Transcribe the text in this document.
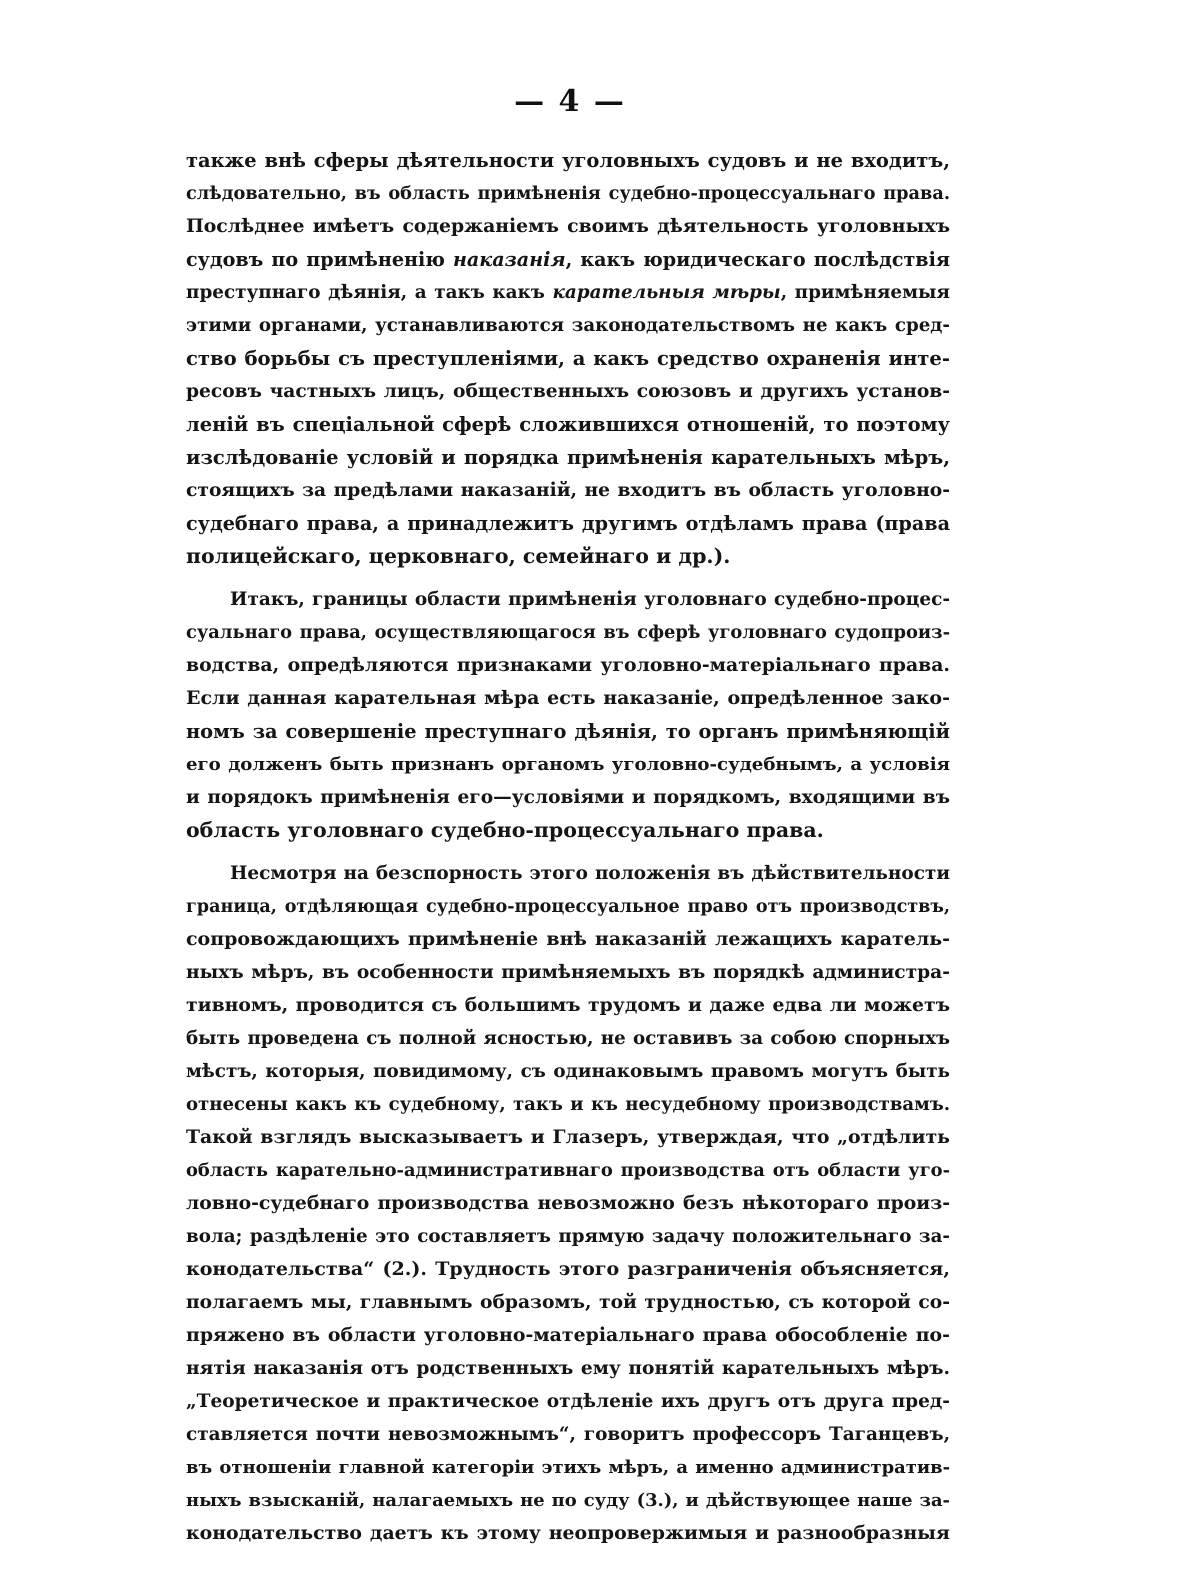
— 4 —
также внѣ сферы дѣятельности уголовныхъ судовъ и не входитъ,
слѣдовательно, въ область примѣненія судебно-процессуальнаго права.
Послѣднее имѣетъ содержаніемъ своимъ дѣятельность уголовныхъ
судовъ по примѣненію наказанія, какъ юридическаго послѣдствія
преступнаго дѣянія, а такъ какъ карательныя мѣры, примѣняемыя
этими органами, устанавливаются законодательствомъ не какъ сред-
ство борьбы съ преступленіями, а какъ средство охраненія инте-
ресовъ частныхъ лицъ, общественныхъ союзовъ и другихъ установ-
леній въ спеціальной сферѣ сложившихся отношеній, то поэтому
изслѣдованіе условій и порядка примѣненія карательныхъ мѣръ,
стоящихъ за предѣлами наказаній, не входитъ въ область уголовно-
судебнаго права, а принадлежитъ другимъ отдѣламъ права (права
полицейскаго, церковнаго, семейнаго и др.).
Итакъ, границы области примѣненія уголовнаго судебно-процес-
суальнаго права, осуществляющагося въ сферѣ уголовнаго судопроиз-
водства, опредѣляются признаками уголовно-матеріальнаго права.
Если данная карательная мѣра есть наказаніе, опредѣленное зако-
номъ за совершеніе преступнаго дѣянія, то органъ примѣняющій
его долженъ быть признанъ органомъ уголовно-судебнымъ, а условія
и порядокъ примѣненія его—условіями и порядкомъ, входящими въ
область уголовнаго судебно-процессуальнаго права.
Несмотря на безспорность этого положенія въ дѣйствительности
граница, отдѣляющая судебно-процессуальное право отъ производствъ,
сопровождающихъ примѣненіе внѣ наказаній лежащихъ каратель-
ныхъ мѣръ, въ особенности примѣняемыхъ въ порядкѣ администра-
тивномъ, проводится съ большимъ трудомъ и даже едва ли можетъ
быть проведена съ полной ясностью, не оставивъ за собою спорныхъ
мѣстъ, которыя, повидимому, съ одинаковымъ правомъ могутъ быть
отнесены какъ къ судебному, такъ и къ несудебному производствамъ.
Такой взглядъ высказываетъ и Глазеръ, утверждая, что „отдѣлить
область карательно-административнаго производства отъ области уго-
ловно-судебнаго производства невозможно безъ нѣкотораго произ-
вола; раздѣленіе это составляетъ прямую задачу положительнаго за-
конодательства“ (2.). Трудность этого разграниченія объясняется,
полагаемъ мы, главнымъ образомъ, той трудностью, съ которой со-
пряжено въ области уголовно-матеріальнаго права обособленіе по-
нятія наказанія отъ родственныхъ ему понятій карательныхъ мѣръ.
„Теоретическое и практическое отдѣленіе ихъ другъ отъ друга пред-
ставляется почти невозможнымъ“, говоритъ профессоръ Таганцевъ,
въ отношеніи главной категоріи этихъ мѣръ, а именно административ-
ныхъ взысканій, налагаемыхъ не по суду (3.), и дѣйствующее наше за-
конодательство даетъ къ этому неопровержимыя и разнообразныя
